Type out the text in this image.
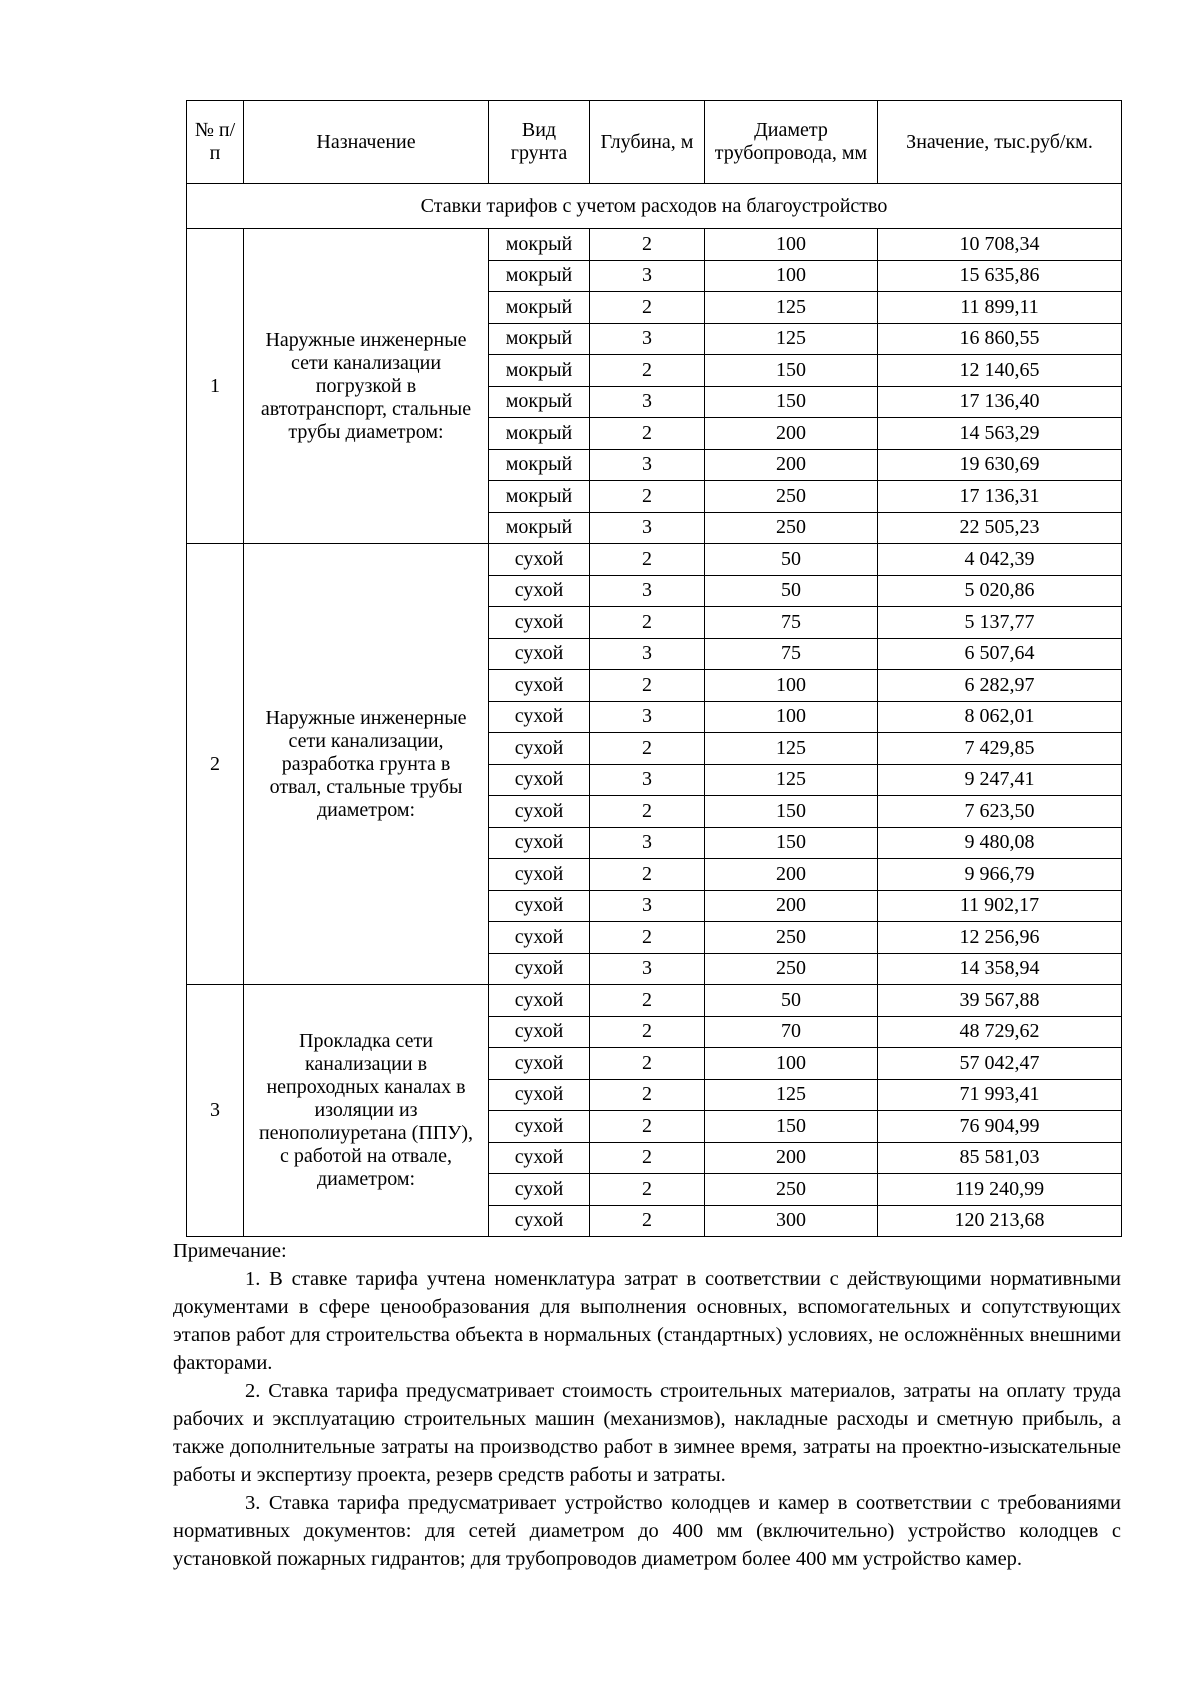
№ п/п	Назначение	Вид грунта	Глубина, м	Диаметр трубопровода, мм	Значение, тыс.руб/км.
Ставки тарифов с учетом расходов на благоустройство					
1	Наружные инженерные сети канализации погрузкой в автотранспорт, стальные трубы диаметром:	мокрый	2	100	10 708,34
		мокрый	3	100	15 635,86
		мокрый	2	125	11 899,11
		мокрый	3	125	16 860,55
		мокрый	2	150	12 140,65
		мокрый	3	150	17 136,40
		мокрый	2	200	14 563,29
		мокрый	3	200	19 630,69
		мокрый	2	250	17 136,31
		мокрый	3	250	22 505,23
2	Наружные инженерные сети канализации, разработка грунта в отвал, стальные трубы диаметром:	сухой	2	50	4 042,39
		сухой	3	50	5 020,86
		сухой	2	75	5 137,77
		сухой	3	75	6 507,64
		сухой	2	100	6 282,97
		сухой	3	100	8 062,01
		сухой	2	125	7 429,85
		сухой	3	125	9 247,41
		сухой	2	150	7 623,50
		сухой	3	150	9 480,08
		сухой	2	200	9 966,79
		сухой	3	200	11 902,17
		сухой	2	250	12 256,96
		сухой	3	250	14 358,94
3	Прокладка сети канализации в непроходных каналах в изоляции из пенополиуретана (ППУ), с работой на отвале, диаметром:	сухой	2	50	39 567,88
		сухой	2	70	48 729,62
		сухой	2	100	57 042,47
		сухой	2	125	71 993,41
		сухой	2	150	76 904,99
		сухой	2	200	85 581,03
		сухой	2	250	119 240,99
		сухой	2	300	120 213,68

Примечание:

1. В ставке тарифа учтена номенклатура затрат в соответствии с действующими нормативными документами в сфере ценообразования для выполнения основных, вспомогательных и сопутствующих этапов работ для строительства объекта в нормальных (стандартных) условиях, не осложнённых внешними факторами.

2. Ставка тарифа предусматривает стоимость строительных материалов, затраты на оплату труда рабочих и эксплуатацию строительных машин (механизмов), накладные расходы и сметную прибыль, а также дополнительные затраты на производство работ в зимнее время, затраты на проектно-изыскательные работы и экспертизу проекта, резерв средств работы и затраты.

3. Ставка тарифа предусматривает устройство колодцев и камер в соответствии с требованиями нормативных документов: для сетей диаметром до 400 мм (включительно) устройство колодцев с установкой пожарных гидрантов; для трубопроводов диаметром более 400 мм устройство камер.
